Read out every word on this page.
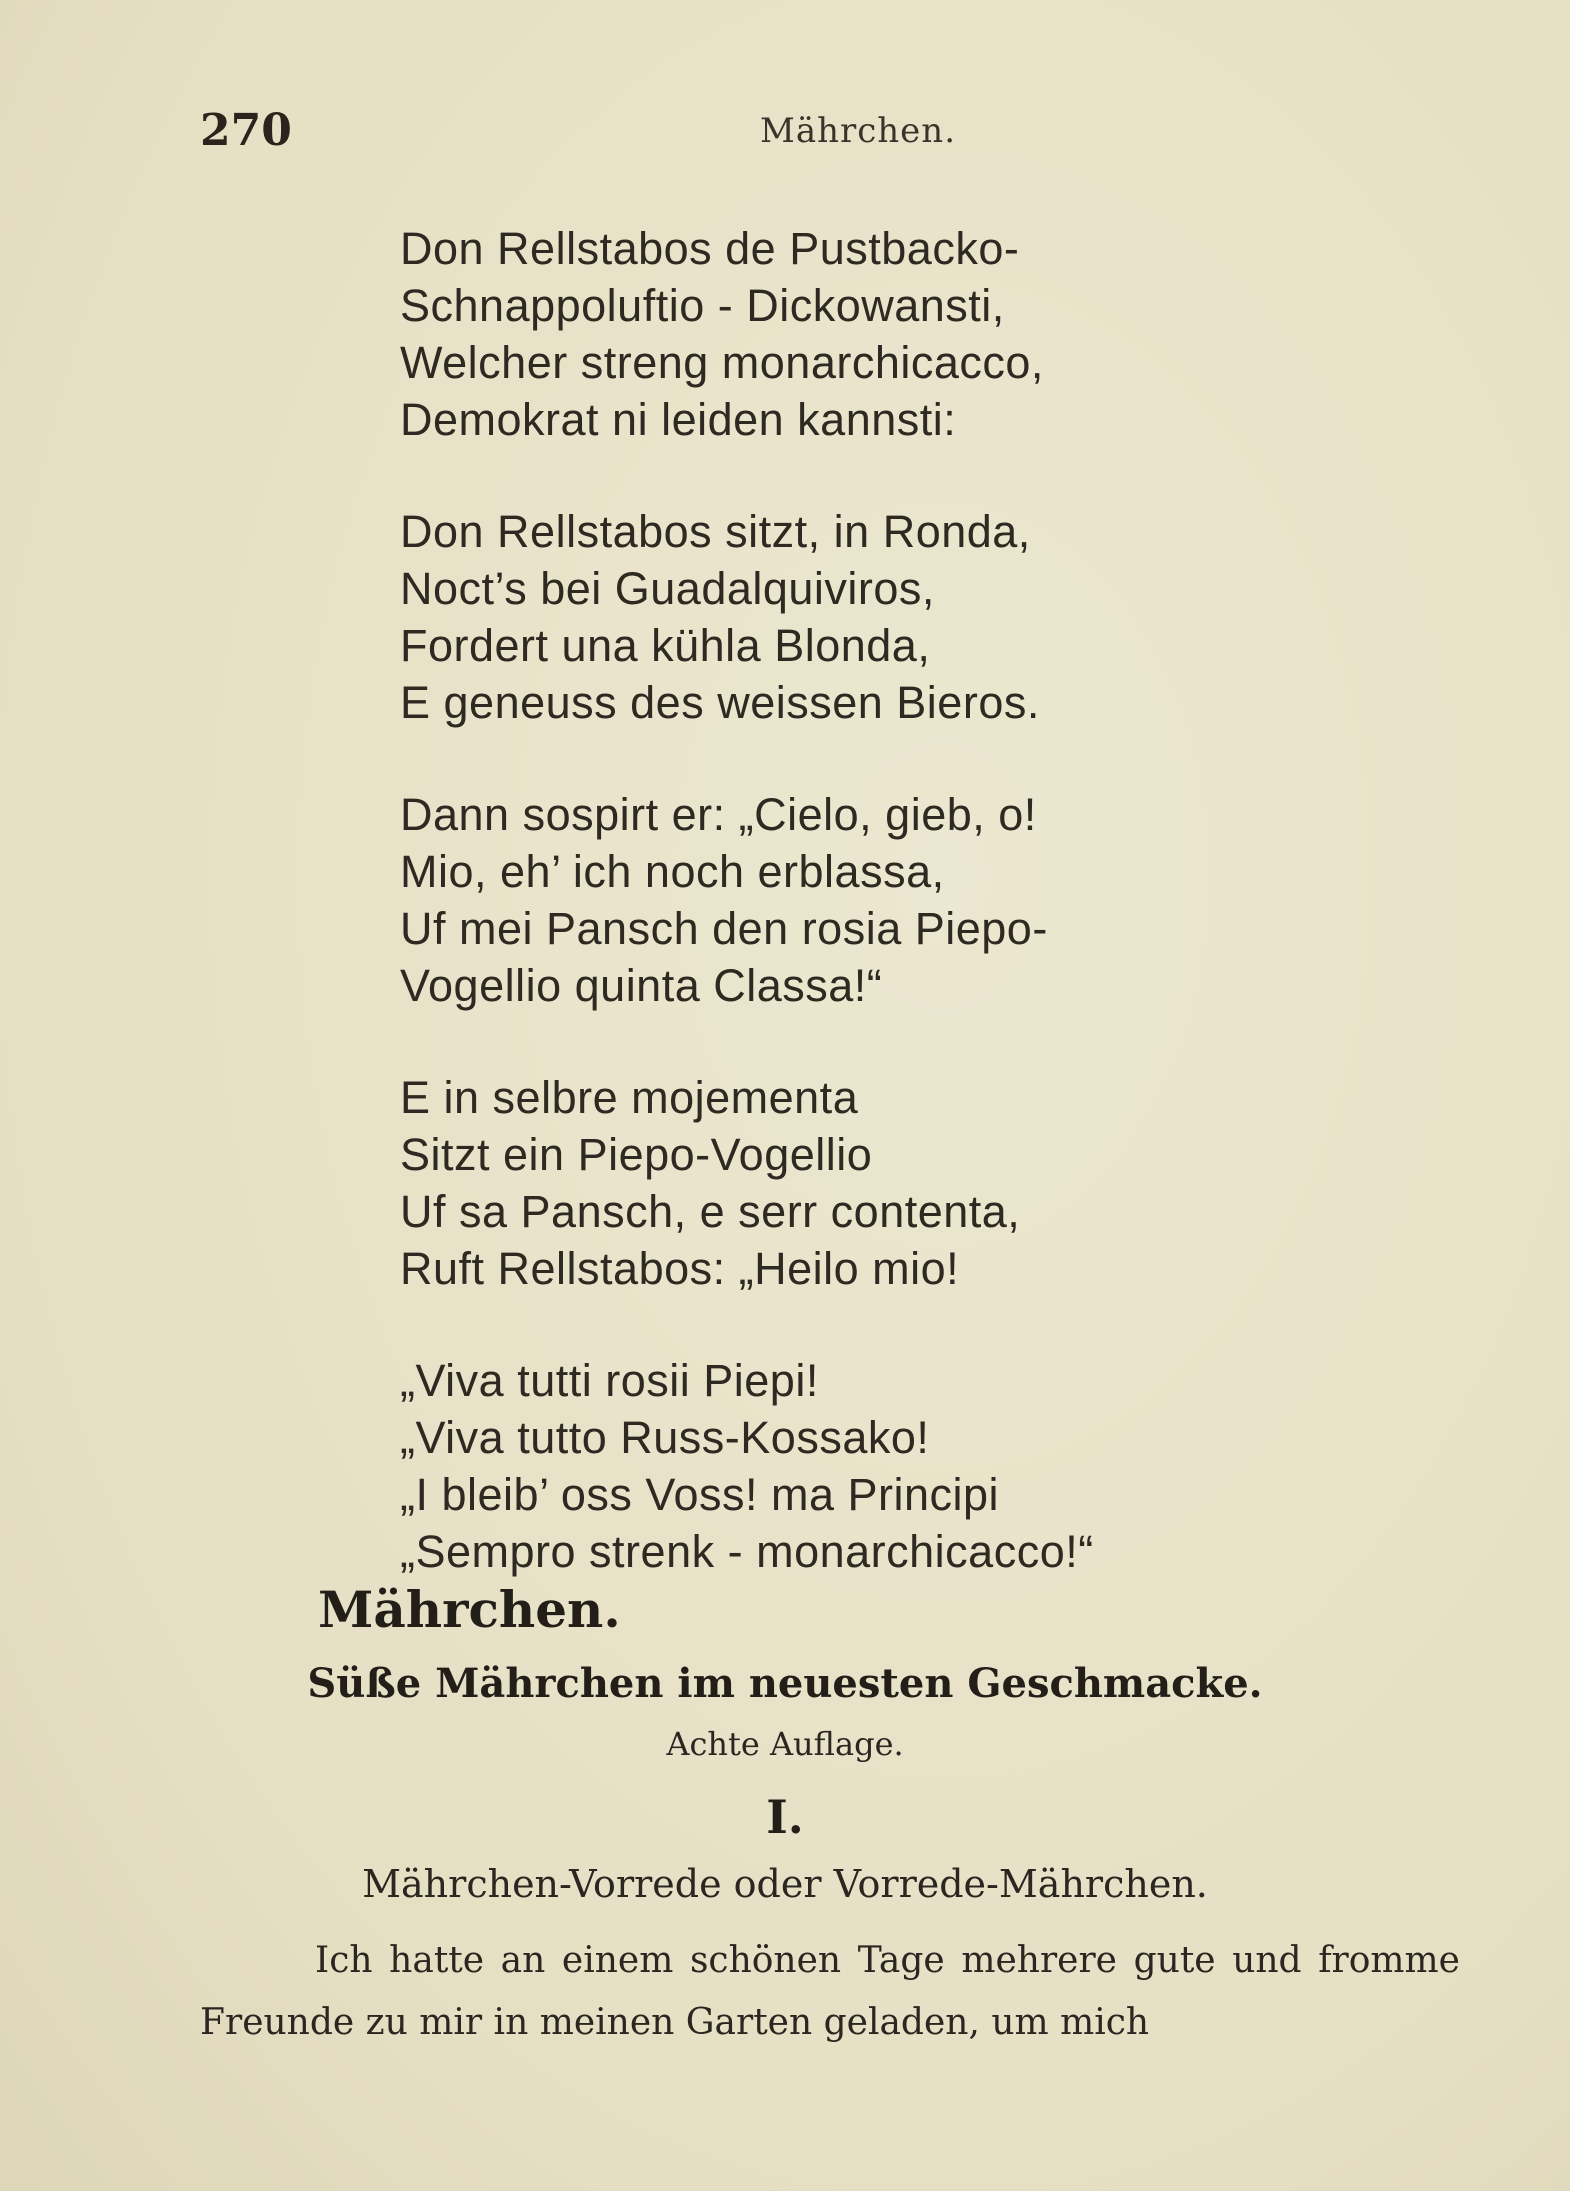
270	Mährchen.
Don Rellstabos de Pustbacko-
Schnappoluftio - Dickowansti,
Welcher streng monarchicacco,
Demokrat ni leiden kannsti:
Don Rellstabos sitzt, in Ronda,
Noct’s bei Guadalquiviros,
Fordert una kühla Blonda,
E geneuss des weissen Bieros.
Dann sospirt er: „Cielo, gieb, o!
Mio, eh’ ich noch erblassa,
Uf mei Pansch den rosia Piepo-
Vogellio quinta Classa!“
E in selbre mojementa
Sitzt ein Piepo-Vogellio
Uf sa Pansch, e serr contenta,
Ruft Rellstabos: „Heilo mio!
„Viva tutti rosii Piepi!
„Viva tutto Russ-Kossako!
„I bleib’ oss Voss! ma Principi
„Sempro strenk - monarchicacco!“
Mährchen.
Süße Mährchen im neuesten Geschmacke.
Achte Auflage.
I.
Mährchen-Vorrede oder Vorrede-Mährchen.
Ich hatte an einem schönen Tage mehrere gute und fromme Freunde zu mir in meinen Garten geladen, um mich
